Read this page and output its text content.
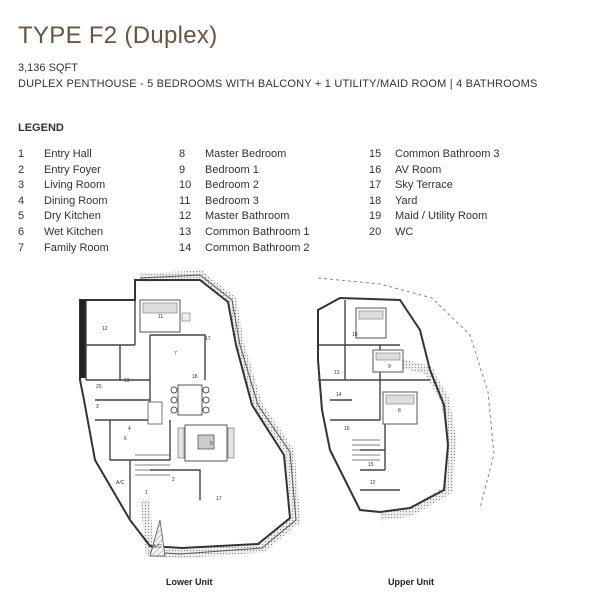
TYPE F2 (Duplex)
3,136 SQFT
DUPLEX PENTHOUSE - 5 BEDROOMS WITH BALCONY + 1 UTILITY/MAID ROOM | 4 BATHROOMS
LEGEND
1	Entry Hall
2	Entry Foyer
3	Living Room
4	Dining Room
5	Dry Kitchen
6	Wet Kitchen
7	Family Room
8	Master Bedroom
9	Bedroom 1
10	Bedroom 2
11	Bedroom 3
12	Master Bathroom
13	Common Bathroom 1
14	Common Bathroom 2
15	Common Bathroom 3
16	AV Room
17	Sky Terrace
18	Yard
19	Maid / Utility Room
20	WC
11
12
7
17
20
19
3
18
4
6
5
1
2
17
A/C
A/C
10
13
9
14
16
8
15
12
PropertyGuru
Lower Unit	Upper Unit
